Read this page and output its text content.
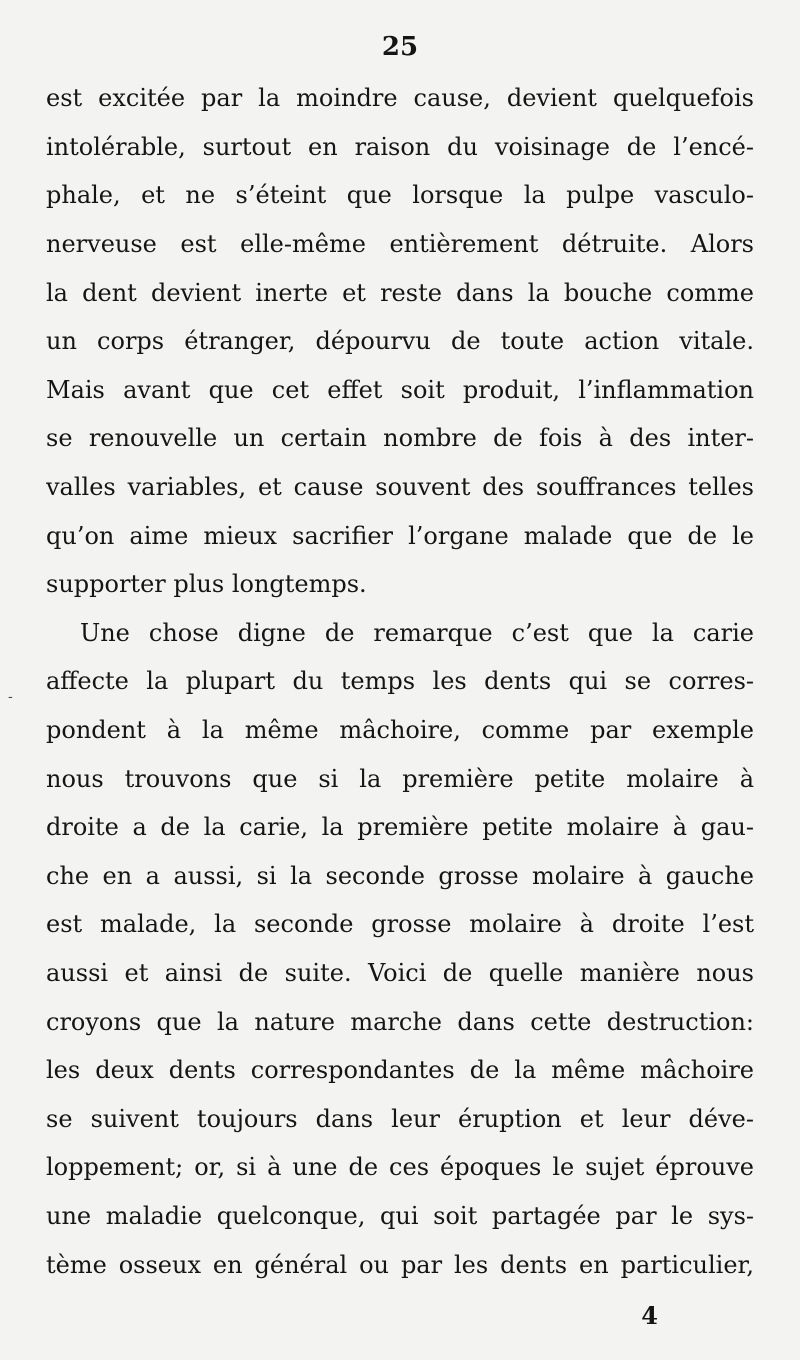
25
-
est excitée par la moindre cause, devient quelquefois
intolérable, surtout en raison du voisinage de l’encé-
phale, et ne s’éteint que lorsque la pulpe vasculo-
nerveuse est elle-même entièrement détruite. Alors
la dent devient inerte et reste dans la bouche comme
un corps étranger, dépourvu de toute action vitale.
Mais avant que cet effet soit produit, l’inflammation
se renouvelle un certain nombre de fois à des inter-
valles variables, et cause souvent des souffrances telles
qu’on aime mieux sacrifier l’organe malade que de le
supporter plus longtemps.
Une chose digne de remarque c’est que la carie
affecte la plupart du temps les dents qui se corres-
pondent à la même mâchoire, comme par exemple
nous trouvons que si la première petite molaire à
droite a de la carie, la première petite molaire à gau-
che en a aussi, si la seconde grosse molaire à gauche
est malade, la seconde grosse molaire à droite l’est
aussi et ainsi de suite. Voici de quelle manière nous
croyons que la nature marche dans cette destruction:
les deux dents correspondantes de la même mâchoire
se suivent toujours dans leur éruption et leur déve-
loppement; or, si à une de ces époques le sujet éprouve
une maladie quelconque, qui soit partagée par le sys-
tème osseux en général ou par les dents en particulier,
4
